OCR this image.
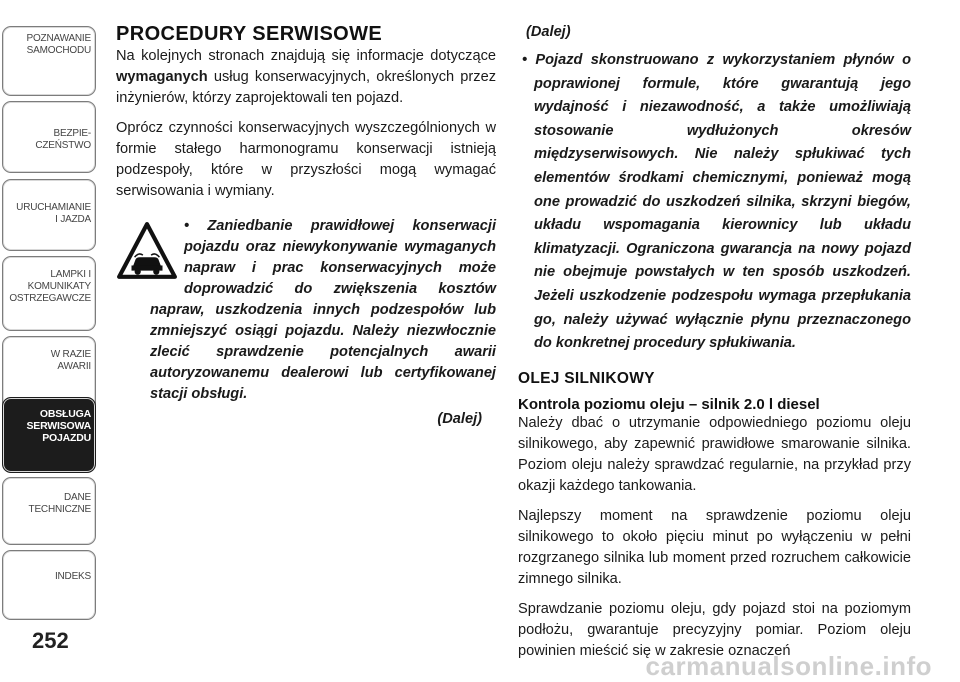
POZNAWANIE
SAMOCHODU
BEZPIE-
CZEŃSTWO
URUCHAMIANIE
I JAZDA
LAMPKI I
KOMUNIKATY
OSTRZEGAWCZE
W RAZIE
AWARII
OBSŁUGA
SERWISOWA
POJAZDU
DANE
TECHNICZNE
INDEKS
252
PROCEDURY SERWISOWE

Na kolejnych stronach znajdują się informacje dotyczące wymaganych usług konserwacyjnych, określonych przez inżynierów, którzy zaprojektowali ten pojazd.

Oprócz czynności konserwacyjnych wyszczególnionych w formie stałego harmonogramu konserwacji istnieją podzespoły, które w przyszłości mogą wymagać serwisowania i wymiany.

• Zaniedbanie prawidłowej konserwacji pojazdu oraz niewykonywanie wymaganych napraw i prac konserwacyjnych może doprowadzić do zwiększenia kosztów napraw, uszkodzenia innych podzespołów lub zmniejszyć osiągi pojazdu. Należy niezwłocznie zlecić sprawdzenie potencjalnych awarii autoryzowanemu dealerowi lub certyfikowanej stacji obsługi.
(Dalej)
(Dalej)
• Pojazd skonstruowano z wykorzystaniem płynów o poprawionej formule, które gwarantują jego wydajność i niezawodność, a także umożliwiają stosowanie wydłużonych okresów międzyserwisowych. Nie należy spłukiwać tych elementów środkami chemicznymi, ponieważ mogą one prowadzić do uszkodzeń silnika, skrzyni biegów, układu wspomagania kierownicy lub układu klimatyzacji. Ograniczona gwarancja na nowy pojazd nie obejmuje powstałych w ten sposób uszkodzeń. Jeżeli uszkodzenie podzespołu wymaga przepłukania go, należy używać wyłącznie płynu przeznaczonego do konkretnej procedury spłukiwania.
OLEJ SILNIKOWY
Kontrola poziomu oleju – silnik 2.0 l diesel

Należy dbać o utrzymanie odpowiedniego poziomu oleju silnikowego, aby zapewnić prawidłowe smarowanie silnika. Poziom oleju należy sprawdzać regularnie, na przykład przy okazji każdego tankowania.

Najlepszy moment na sprawdzenie poziomu oleju silnikowego to około pięciu minut po wyłączeniu w pełni rozgrzanego silnika lub moment przed rozruchem całkowicie zimnego silnika.

Sprawdzanie poziomu oleju, gdy pojazd stoi na poziomym podłożu, gwarantuje precyzyjny pomiar. Poziom oleju powinien mieścić się w zakresie oznaczeń

carmanualsonline.info
